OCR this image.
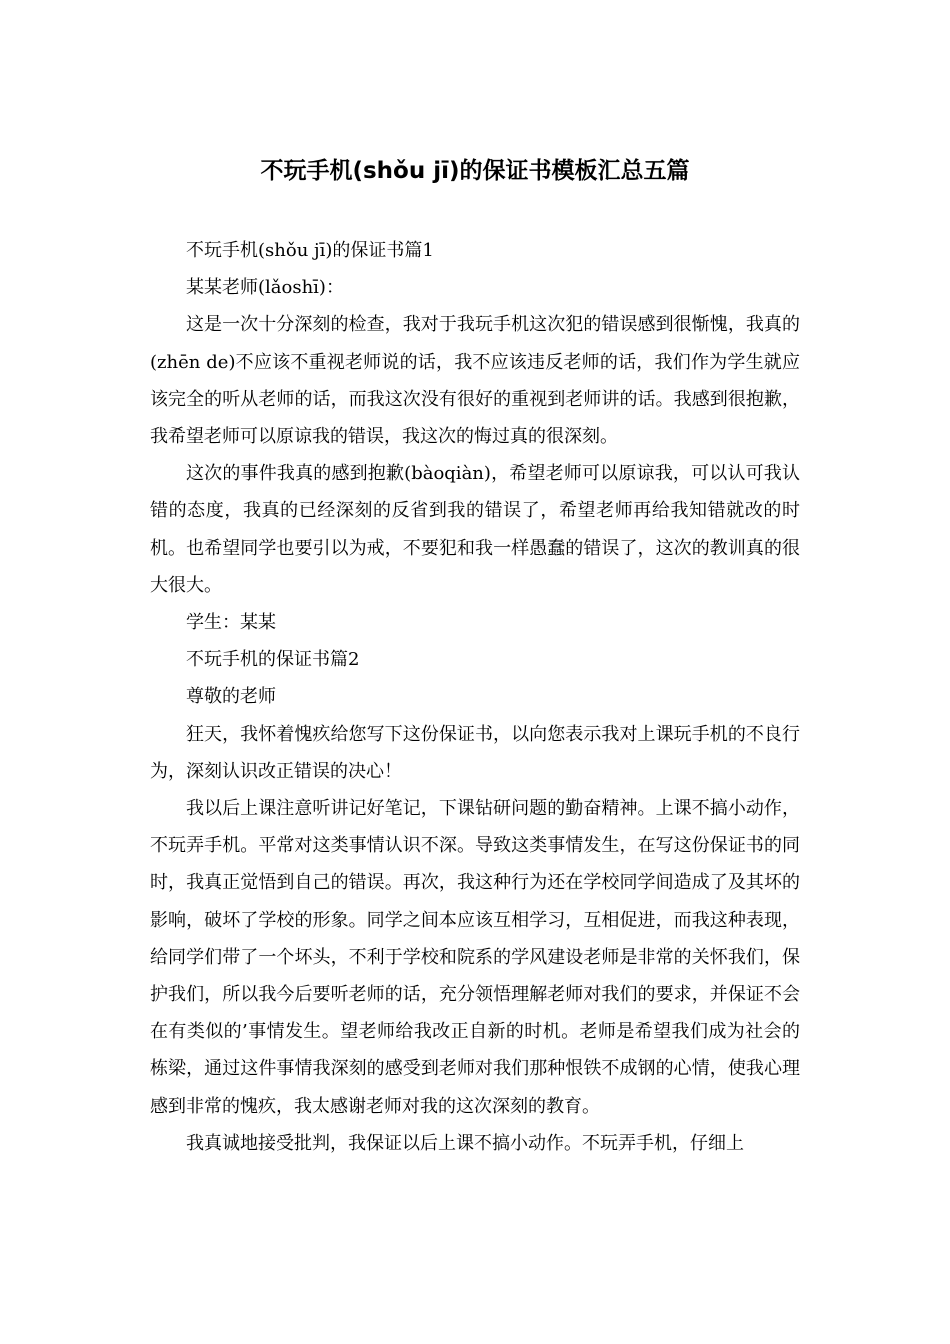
不玩手机(shǒu jī)的保证书模板汇总五篇

不玩手机(shǒu jī)的保证书篇1

某某老师(lǎoshī)：

这是一次十分深刻的检查，我对于我玩手机这次犯的错误感到很惭愧，我真的(zhēn de)不应该不重视老师说的话，我不应该违反老师的话，我们作为学生就应该完全的听从老师的话，而我这次没有很好的重视到老师讲的话。我感到很抱歉，我希望老师可以原谅我的错误，我这次的悔过真的很深刻。

这次的事件我真的感到抱歉(bàoqiàn)，希望老师可以原谅我，可以认可我认错的态度，我真的已经深刻的反省到我的错误了，希望老师再给我知错就改的时机。也希望同学也要引以为戒，不要犯和我一样愚蠢的错误了，这次的教训真的很大很大。

学生：某某

不玩手机的保证书篇2

尊敬的老师

狂天，我怀着愧疚给您写下这份保证书，以向您表示我对上课玩手机的不良行为，深刻认识改正错误的决心！

我以后上课注意听讲记好笔记，下课钻研问题的勤奋精神。上课不搞小动作，不玩弄手机。平常对这类事情认识不深。导致这类事情发生，在写这份保证书的同时，我真正觉悟到自己的错误。再次，我这种行为还在学校同学间造成了及其坏的影响，破坏了学校的形象。同学之间本应该互相学习，互相促进，而我这种表现，给同学们带了一个坏头，不利于学校和院系的学风建设老师是非常的关怀我们，保护我们，所以我今后要听老师的话，充分领悟理解老师对我们的要求，并保证不会在有类似的’事情发生。望老师给我改正自新的时机。老师是希望我们成为社会的栋梁，通过这件事情我深刻的感受到老师对我们那种恨铁不成钢的心情，使我心理感到非常的愧疚，我太感谢老师对我的这次深刻的教育。

我真诚地接受批判，我保证以后上课不搞小动作。不玩弄手机，仔细上
